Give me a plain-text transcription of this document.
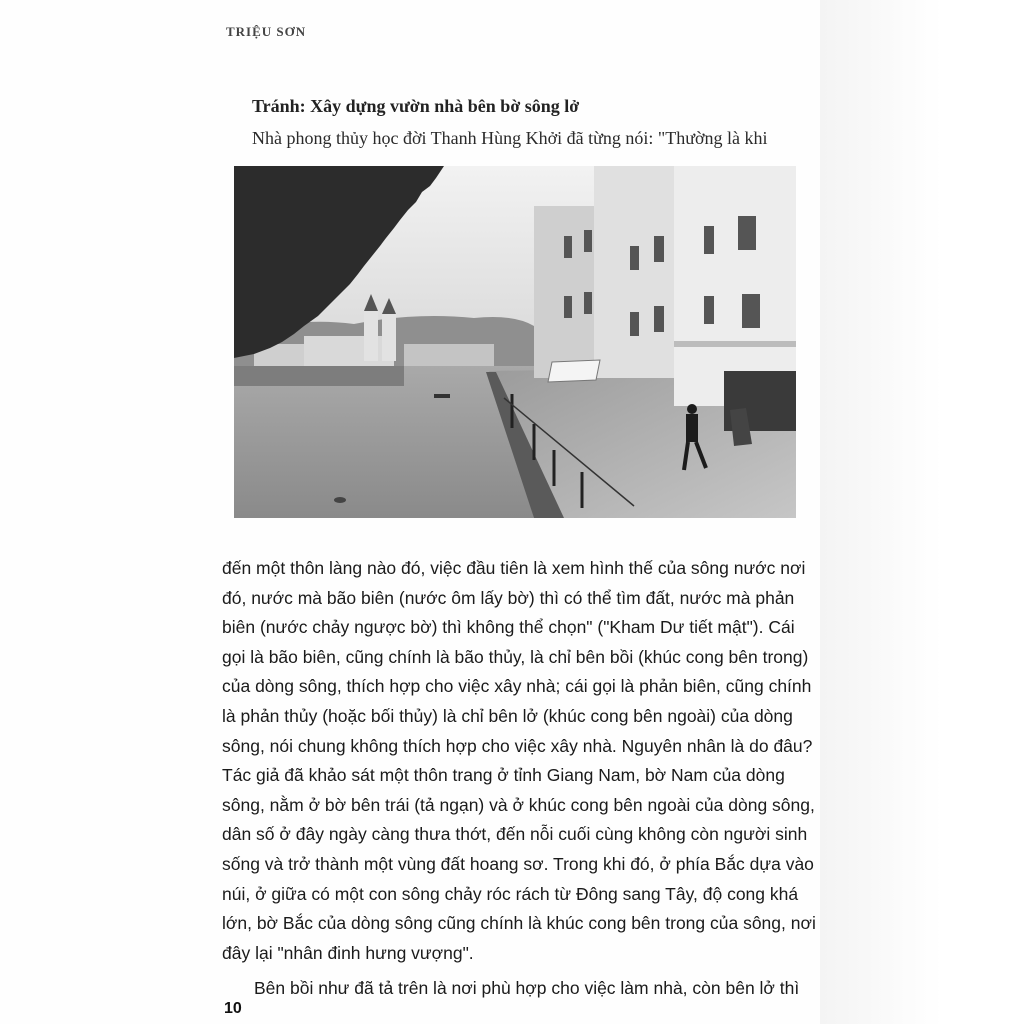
TRIỆU SƠN
Tránh: Xây dựng vườn nhà bên bờ sông lở
Nhà phong thủy học đời Thanh Hùng Khởi đã từng nói: "Thường là khi

đến một thôn làng nào đó, việc đầu tiên là xem hình thế của sông nước nơi

đó, nước mà bão biên (nước ôm lấy bờ) thì có thể tìm đất, nước mà phản

biên (nước chảy ngược bờ) thì không thể chọn" ("Kham Dư tiết mật"). Cái

gọi là bão biên, cũng chính là bão thủy, là chỉ bên bồi (khúc cong bên trong)

của dòng sông, thích hợp cho việc xây nhà; cái gọi là phản biên, cũng chính

là phản thủy (hoặc bối thủy) là chỉ bên lở (khúc cong bên ngoài) của dòng

sông, nói chung không thích hợp cho việc xây nhà. Nguyên nhân là do đâu?

Tác giả đã khảo sát một thôn trang ở tỉnh Giang Nam, bờ Nam của dòng

sông, nằm ở bờ bên trái (tả ngạn) và ở khúc cong bên ngoài của dòng sông,

dân số ở đây ngày càng thưa thớt, đến nỗi cuối cùng không còn người sinh

sống và trở thành một vùng đất hoang sơ. Trong khi đó, ở phía Bắc dựa vào

núi, ở giữa có một con sông chảy róc rách từ Đông sang Tây, độ cong khá

lớn, bờ Bắc của dòng sông cũng chính là khúc cong bên trong của sông, nơi

đây lại "nhân đinh hưng vượng".

Bên bồi như đã tả trên là nơi phù hợp cho việc làm nhà, còn bên lở thì

10
